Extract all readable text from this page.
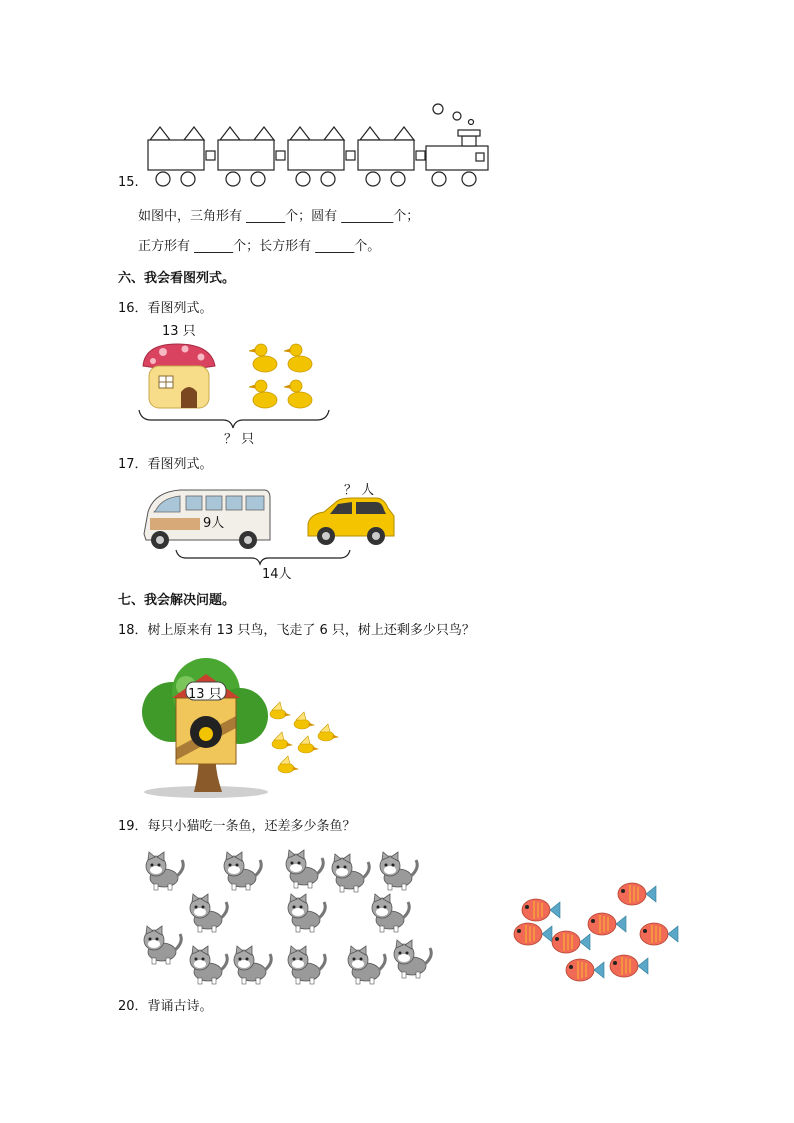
15.
如图中，三角形有 ______个；圆有 ________个；
正方形有 ______个；长方形有 ______个。
六、我会看图列式。
16．看图列式。
13 只
？ 只
17．看图列式。
9人
？ 人
14人
七、我会解决问题。
18．树上原来有 13 只鸟，飞走了 6 只，树上还剩多少只鸟？
13 只
19．每只小猫吃一条鱼，还差多少条鱼？
20．背诵古诗。
